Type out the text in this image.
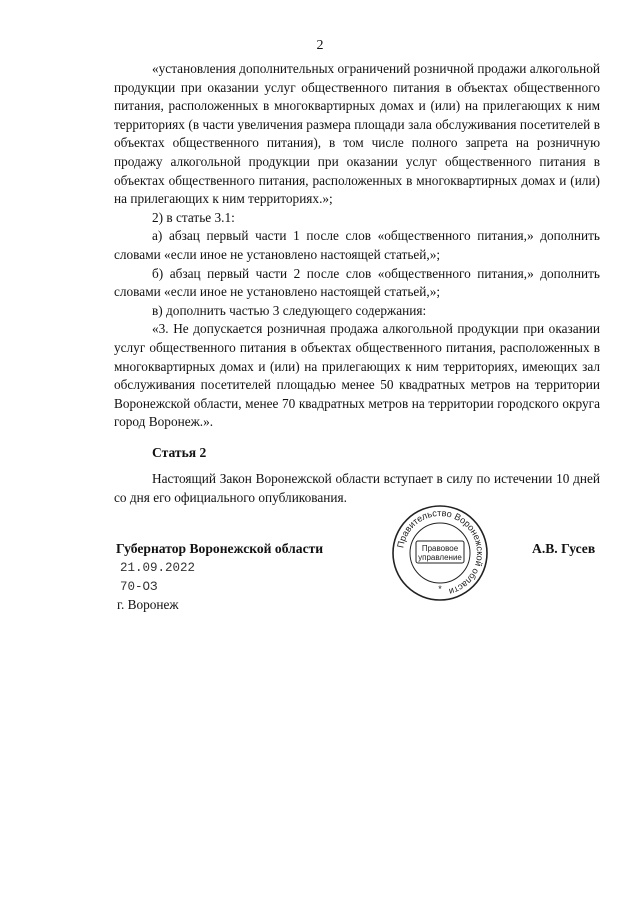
2

«установления дополнительных ограничений розничной продажи алкогольной продукции при оказании услуг общественного питания в объектах общественного питания, расположенных в многоквартирных домах и (или) на прилегающих к ним территориях (в части увеличения размера площади зала обслуживания посетителей в объектах общественного питания), в том числе полного запрета на розничную продажу алкогольной продукции при оказании услуг общественного питания в объектах общественного питания, расположенных в многоквартирных домах и (или) на прилегающих к ним территориях.»;

2) в статье 3.1:

а) абзац первый части 1 после слов «общественного питания,» дополнить словами «если иное не установлено настоящей статьей,»;

б) абзац первый части 2 после слов «общественного питания,» дополнить словами «если иное не установлено настоящей статьей,»;

в) дополнить частью 3 следующего содержания:

«3. Не допускается розничная продажа алкогольной продукции при оказании услуг общественного питания в объектах общественного питания, расположенных в многоквартирных домах и (или) на прилегающих к ним территориях, имеющих зал обслуживания посетителей площадью менее 50 квадратных метров на территории Воронежской области, менее 70 квадратных метров на территории городского округа город Воронеж.».

Статья 2

Настоящий Закон Воронежской области вступает в силу по истечении 10 дней со дня его официального опубликования.

Губернатор Воронежской области	А.В. Гусев
21.09.2022
70-ОЗ
г. Воронеж
Правительство Воронежской области
Правовое
управление
*
